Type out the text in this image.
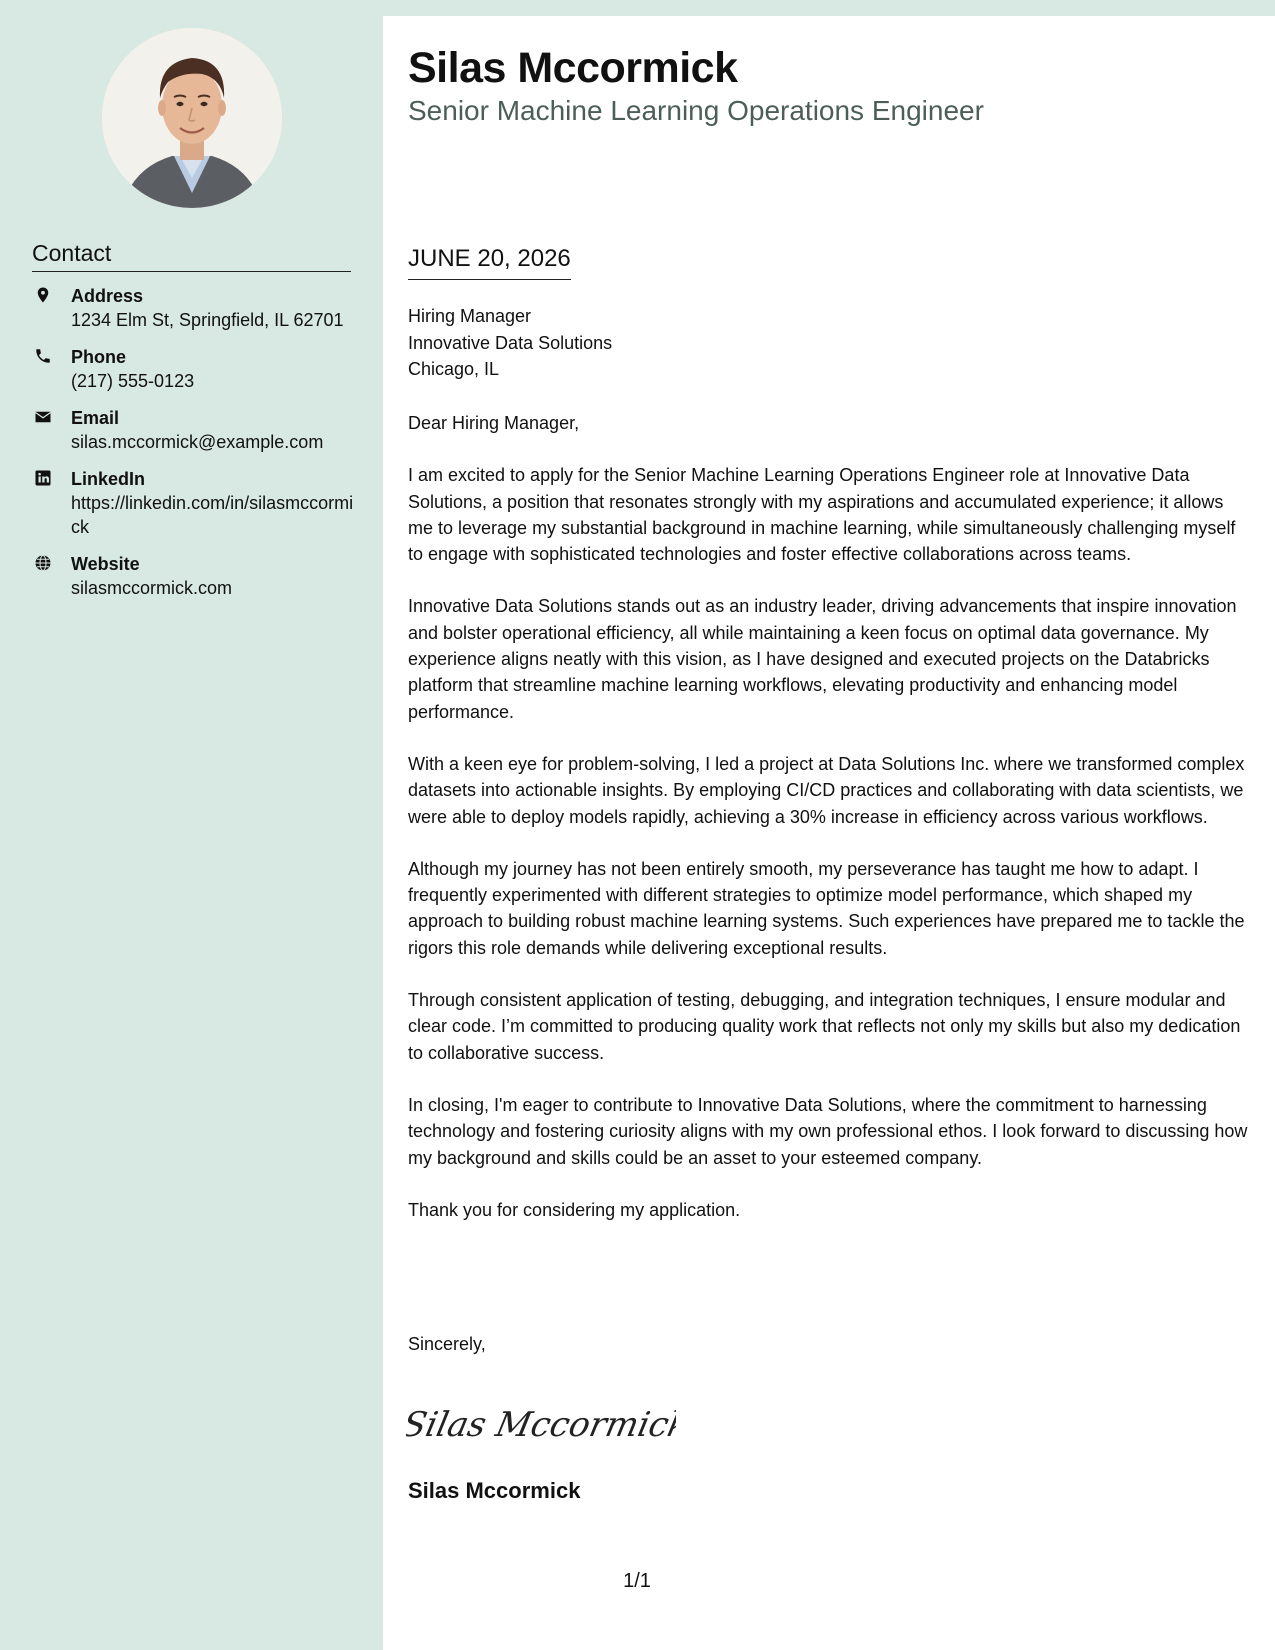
Contact
Address
1234 Elm St, Springfield, IL 62701
Phone
(217) 555-0123
Email
silas.mccormick@example.com
LinkedIn
https://linkedin.com/in/silasmccormick
Website
silasmccormick.com
Silas Mccormick
Senior Machine Learning Operations Engineer
JUNE 20, 2026
Hiring Manager
Innovative Data Solutions
Chicago, IL

Dear Hiring Manager,

I am excited to apply for the Senior Machine Learning Operations Engineer role at Innovative Data Solutions, a position that resonates strongly with my aspirations and accumulated experience; it allows me to leverage my substantial background in machine learning, while simultaneously challenging myself to engage with sophisticated technologies and foster effective collaborations across teams.

Innovative Data Solutions stands out as an industry leader, driving advancements that inspire innovation and bolster operational efficiency, all while maintaining a keen focus on optimal data governance. My experience aligns neatly with this vision, as I have designed and executed projects on the Databricks platform that streamline machine learning workflows, elevating productivity and enhancing model performance.

With a keen eye for problem-solving, I led a project at Data Solutions Inc. where we transformed complex datasets into actionable insights. By employing CI/CD practices and collaborating with data scientists, we were able to deploy models rapidly, achieving a 30% increase in efficiency across various workflows.

Although my journey has not been entirely smooth, my perseverance has taught me how to adapt. I frequently experimented with different strategies to optimize model performance, which shaped my approach to building robust machine learning systems. Such experiences have prepared me to tackle the rigors this role demands while delivering exceptional results.

Through consistent application of testing, debugging, and integration techniques, I ensure modular and clear code. I’m committed to producing quality work that reflects not only my skills but also my dedication to collaborative success.

In closing, I'm eager to contribute to Innovative Data Solutions, where the commitment to harnessing technology and fostering curiosity aligns with my own professional ethos. I look forward to discussing how my background and skills could be an asset to your esteemed company.

Thank you for considering my application.

Sincerely,
Silas Mccormick
Silas Mccormick
1/1
